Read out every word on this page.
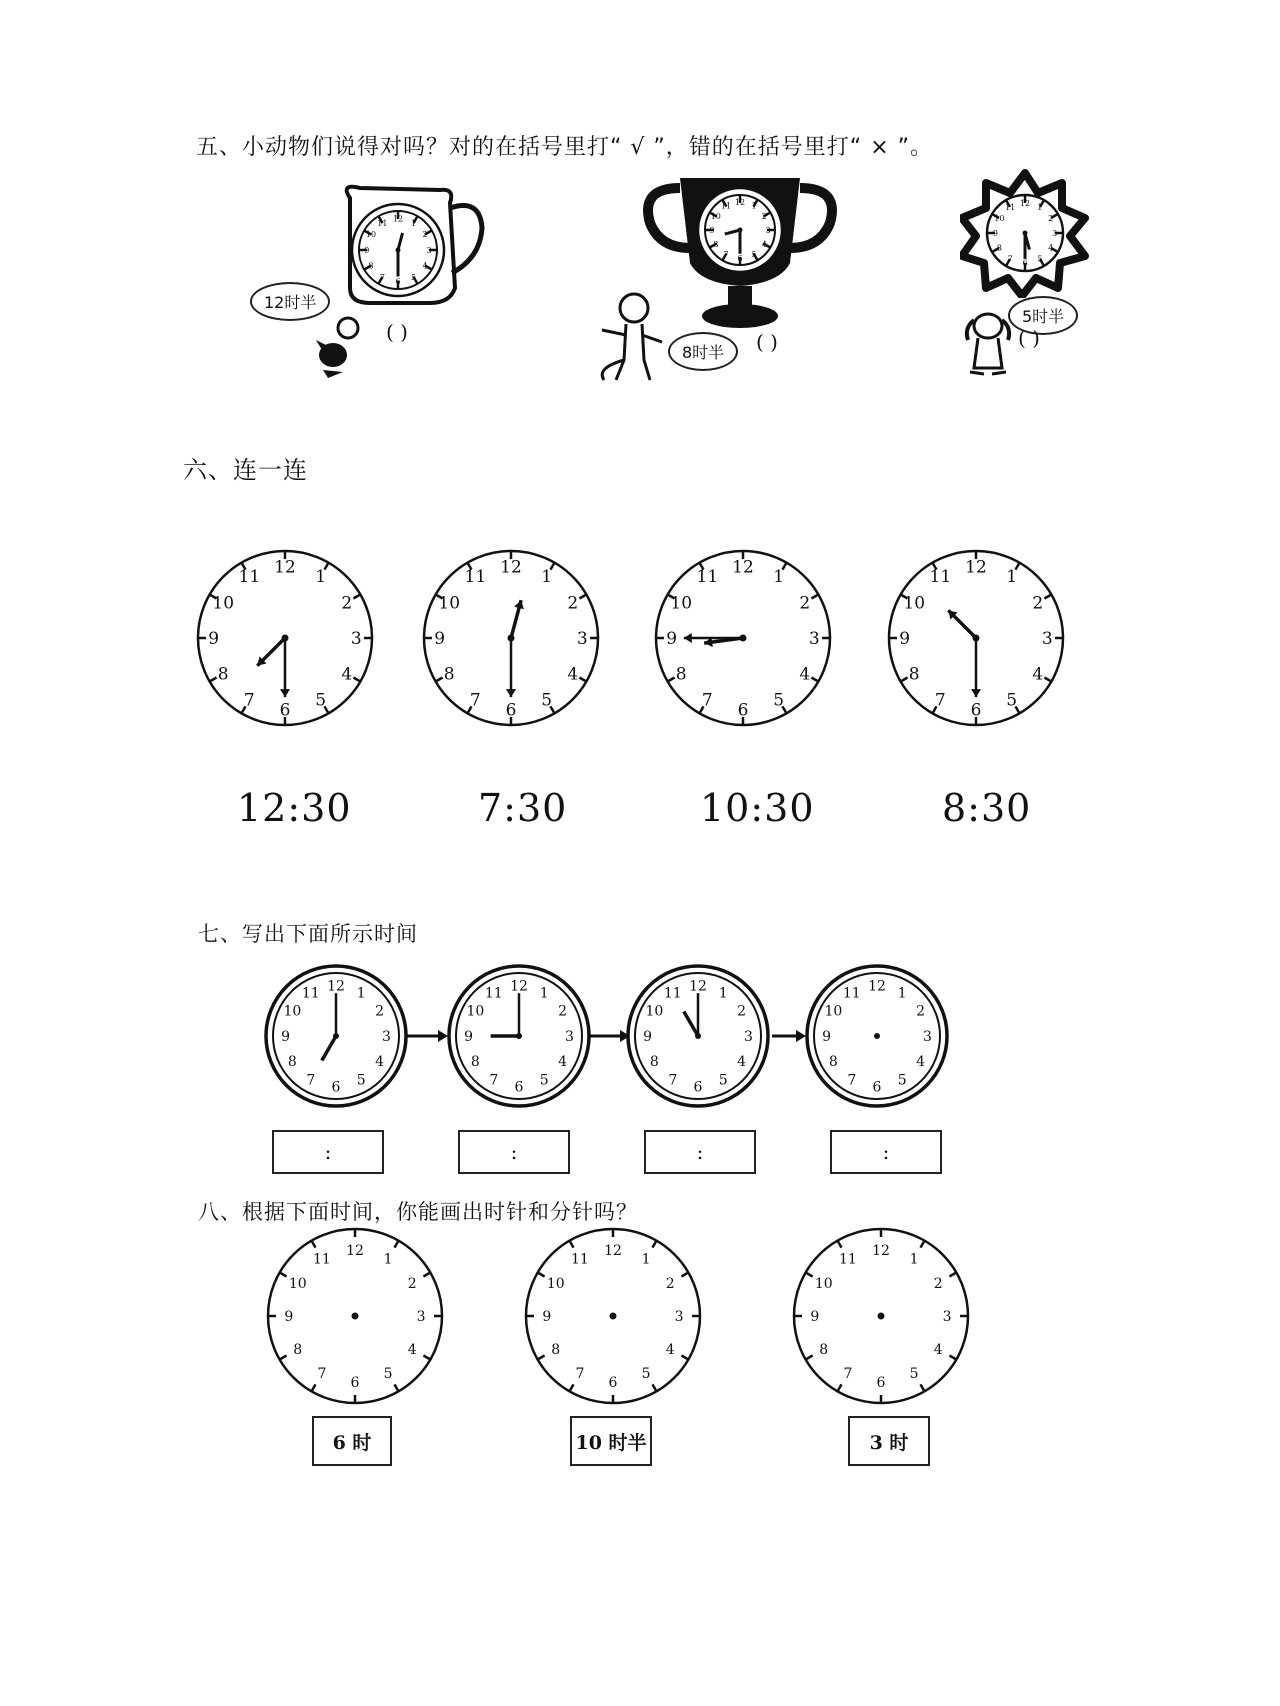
五、小动物们说得对吗？对的在括号里打“ √ ”，错的在括号里打“ × ”。
12 1
2
3
4
5
6
7
8
9
10
11
12时半
( )
12 1
2
3
4
5
6
7
8
9
10
11
8时半	( )
12 1
2
3
4
5
6
7
8
9
10
11
5时半
( )
六、连一连
12 1
2
3
4
5
6
7
8
9
10
11	12 1
2
3
4
5
6
7
8
9
10
11	12 1
2
3
4
5
6
7
8
9
10
11	12 1
2
3
4
5
6
7
8
9
10
11
12:30	7:30	10:30	8:30
七、写出下面所示时间
12 1
2
3
4
5
6
7
8
9
10
11	12 1
2
3
4
5
6
7
8
9
10
11	12 1
2
3
4
5
6
7
8
9
10
11	12 1
2
3
4
5
6
7
8
9
10
11
:	:	:	:
八、根据下面时间，你能画出时针和分针吗？
12
1
2
3
4
5
6
7
8
9
10
11
12
1
2
3
4
5
6
7
8
9
10
11
12
1
2
3
4
5
6
7
8
9
10
11
6 时	10 时半	3 时
